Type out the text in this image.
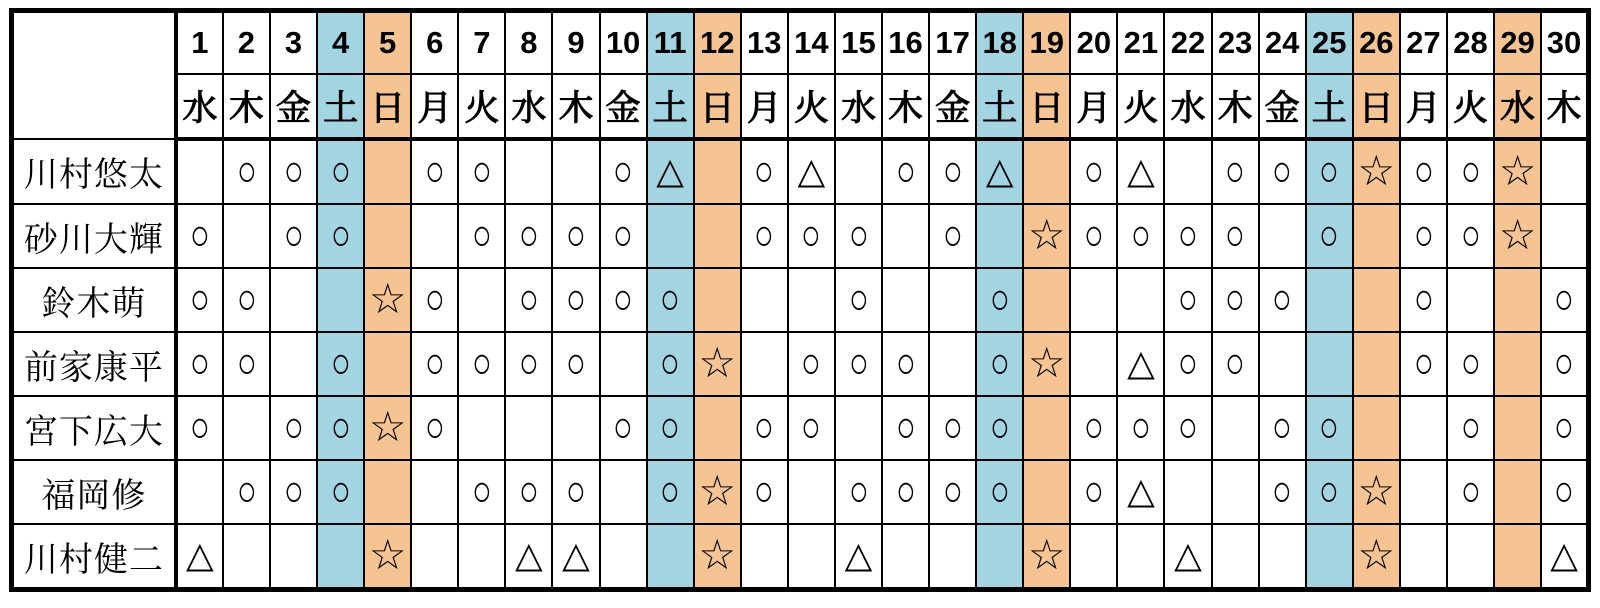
	1	2	3	4	5	6	7	8	9	10	11	12	13	14	15	16	17	18	19	20	21	22	23	24	25	26	27	28	29	30
	水	木	金	土	日	月	火	水	木	金	土	日	月	火	水	木	金	土	日	月	火	水	木	金	土	日	月	火	水	木
川村悠太		○	○	○		○	○			○	△		○	△		○	○	△		○	△		○	○	○	☆	○	○	☆	
砂川大輝	○		○	○			○	○	○	○			○	○	○		○		☆	○	○	○	○		○		○	○	☆	
鈴木萌	○	○			☆	○		○	○	○	○				○			○				○	○	○			○			○
前家康平	○	○		○		○	○	○	○		○	☆		○	○	○		○	☆		△	○	○				○	○		○
宮下広大	○		○	○	☆	○				○	○		○	○		○	○	○		○	○	○		○	○			○		○
福岡修		○	○	○			○	○	○		○	☆	○		○	○	○	○		○	△			○	○	☆		○		○
川村健二	△				☆			△	△			☆			△				☆			△				☆				△
